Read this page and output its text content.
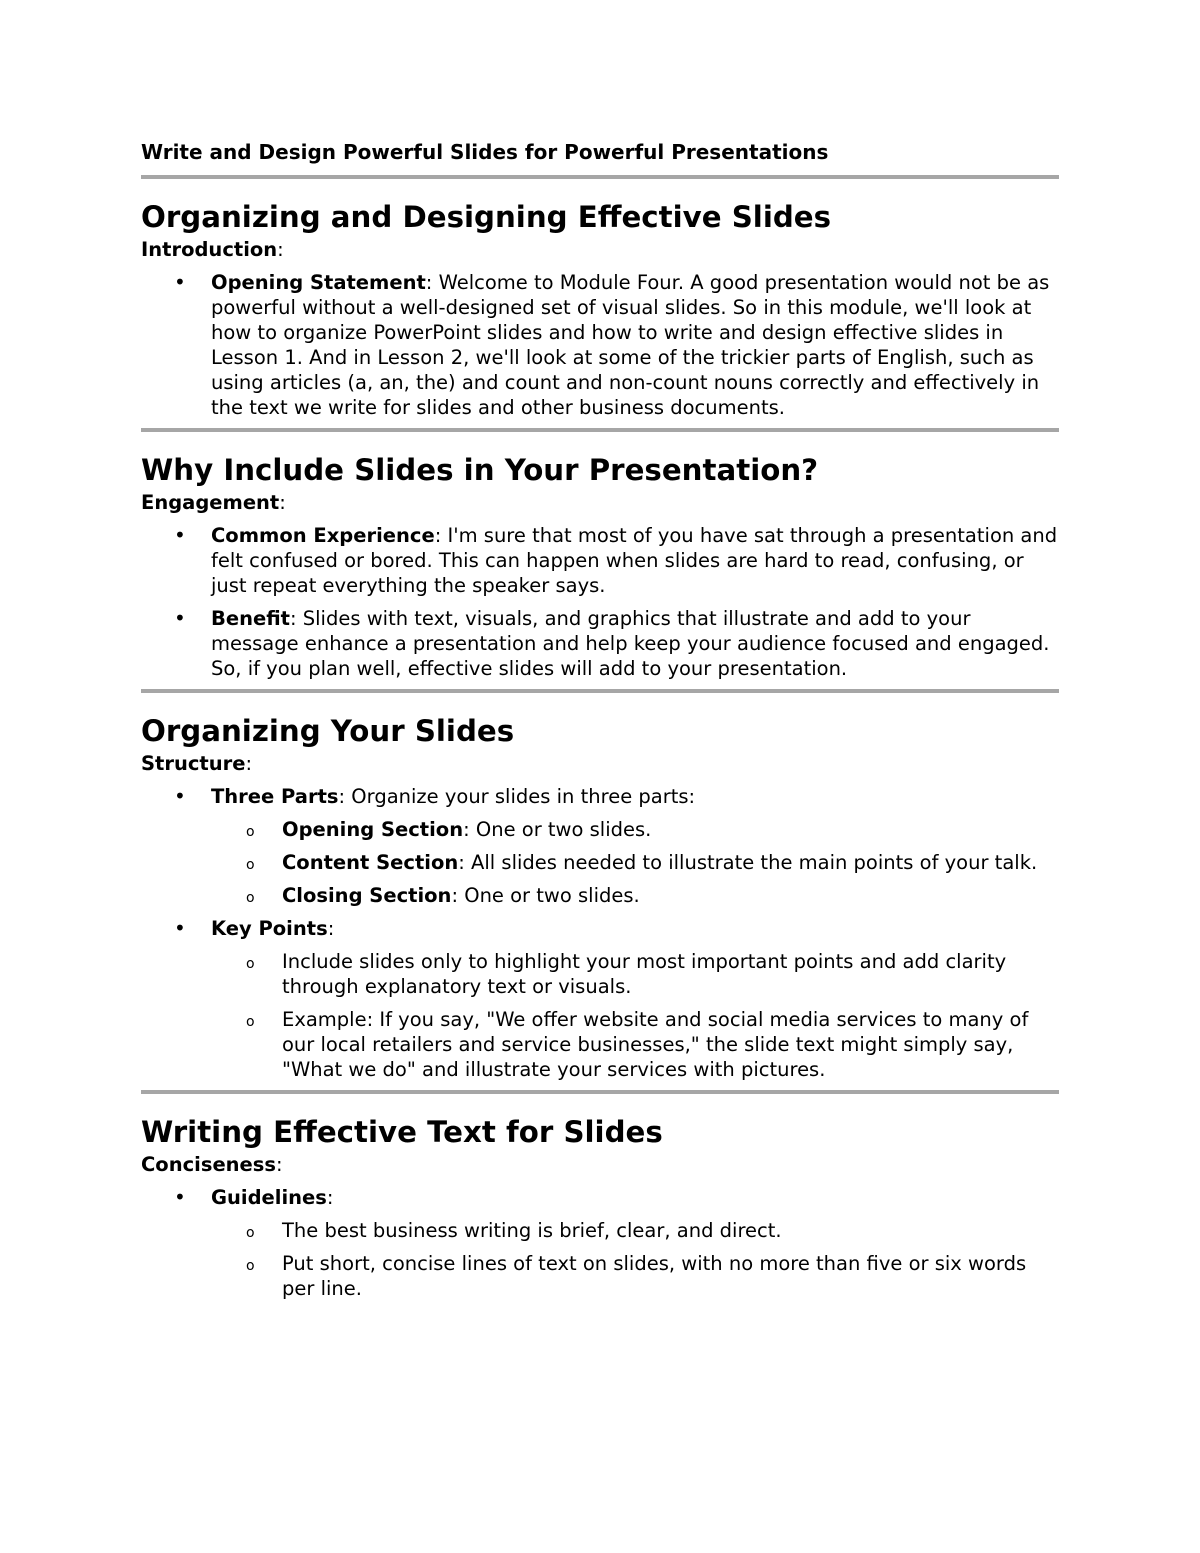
Write and Design Powerful Slides for Powerful Presentations
Organizing and Designing Effective Slides
Introduction:
• Opening Statement: Welcome to Module Four. A good presentation would not be as powerful without a well-designed set of visual slides. So in this module, we'll look at how to organize PowerPoint slides and how to write and design effective slides in Lesson 1. And in Lesson 2, we'll look at some of the trickier parts of English, such as using articles (a, an, the) and count and non-count nouns correctly and effectively in the text we write for slides and other business documents.
Why Include Slides in Your Presentation?
Engagement:
• Common Experience: I'm sure that most of you have sat through a presentation and felt confused or bored. This can happen when slides are hard to read, confusing, or just repeat everything the speaker says.
• Benefit: Slides with text, visuals, and graphics that illustrate and add to your message enhance a presentation and help keep your audience focused and engaged. So, if you plan well, effective slides will add to your presentation.
Organizing Your Slides
Structure:
• Three Parts: Organize your slides in three parts:
o Opening Section: One or two slides.
o Content Section: All slides needed to illustrate the main points of your talk.
o Closing Section: One or two slides.
• Key Points:
o Include slides only to highlight your most important points and add clarity through explanatory text or visuals.
o Example: If you say, "We offer website and social media services to many of our local retailers and service businesses," the slide text might simply say, "What we do" and illustrate your services with pictures.
Writing Effective Text for Slides
Conciseness:
• Guidelines:
o The best business writing is brief, clear, and direct.
o Put short, concise lines of text on slides, with no more than five or six words per line.
